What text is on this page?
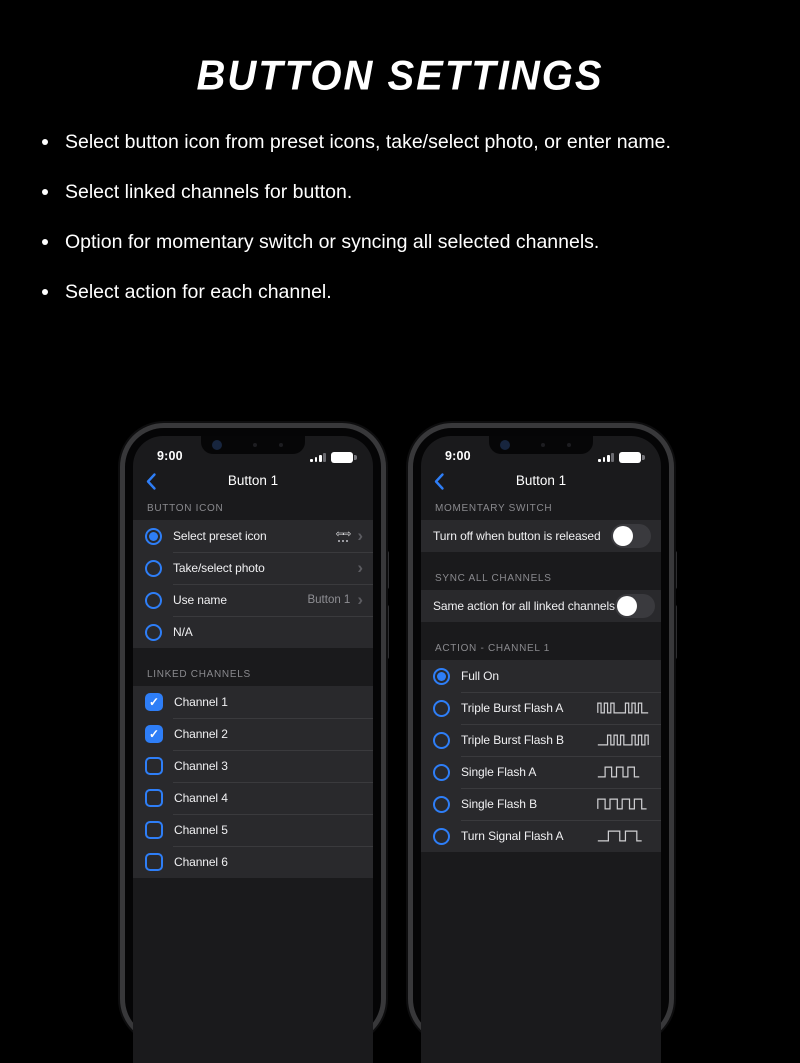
BUTTON SETTINGS
Select button icon from preset icons, take/select photo, or enter name.
Select linked channels for button.
Option for momentary switch or syncing all selected channels.
Select action for each channel.
9:00
Button 1
BUTTON ICON
Select preset icon
⇦⇨
›
Take/select photo
›
Use name	Button 1
›
N/A
LINKED CHANNELS
✓
Channel 1
✓
Channel 2
Channel 3
Channel 4
Channel 5
Channel 6
9:00
Button 1
MOMENTARY SWITCH
Turn off when button is released
SYNC ALL CHANNELS
Same action for all linked channels
ACTION - CHANNEL 1
Full On
Triple Burst Flash A
Triple Burst Flash B
Single Flash A
Single Flash B
Turn Signal Flash A
